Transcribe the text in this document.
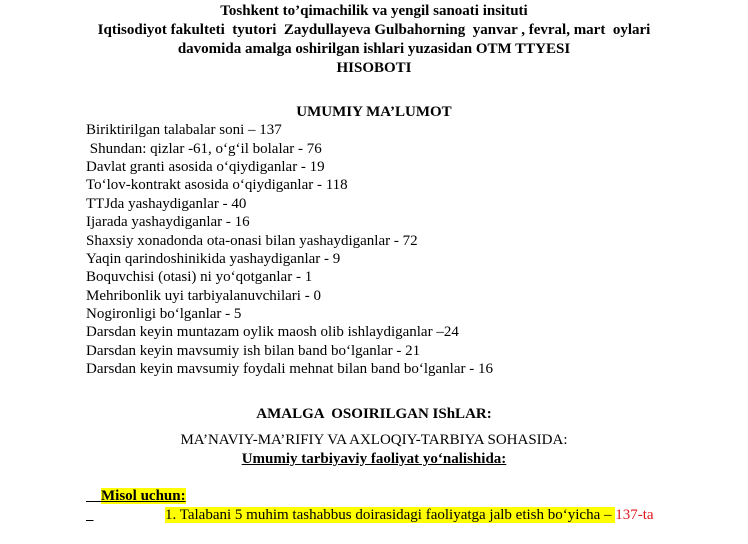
Toshkent to’qimachilik va yengil sanoati insituti
Iqtisodiyot fakulteti  tyutori  Zaydullayeva Gulbahorning  yanvar , fevral, mart  oylari
davomida amalga oshirilgan ishlari yuzasidan OTM TTYESI
HISOBOTI
UMUMIY MA’LUMOT
Biriktirilgan talabalar soni – 137
Shundan: qizlar -61, o‘g‘il bolalar - 76
Davlat granti asosida o‘qiydiganlar - 19
To‘lov-kontrakt asosida o‘qiydiganlar - 118
TTJda yashaydiganlar - 40
Ijarada yashaydiganlar - 16
Shaxsiy xonadonda ota-onasi bilan yashaydiganlar - 72
Yaqin qarindoshinikida yashaydiganlar - 9
Boquvchisi (otasi) ni yo‘qotganlar - 1
Mehribonlik uyi tarbiyalanuvchilari - 0
Nogironligi bo‘lganlar - 5
Darsdan keyin muntazam oylik maosh olib ishlaydiganlar –24
Darsdan keyin mavsumiy ish bilan band bo‘lganlar - 21
Darsdan keyin mavsumiy foydali mehnat bilan band bo‘lganlar - 16
AMALGA  OSOIRILGAN IShLAR:
MA’NAVIY-MA’RIFIY VA AXLOQIY-TARBIYA SOHASIDA:
Umumiy tarbiyaviy faoliyat yo‘nalishida:

Misol uchun:

1. Talabani 5 muhim tashabbus doirasidagi faoliyatga jalb etish bo‘yicha – 137-ta
